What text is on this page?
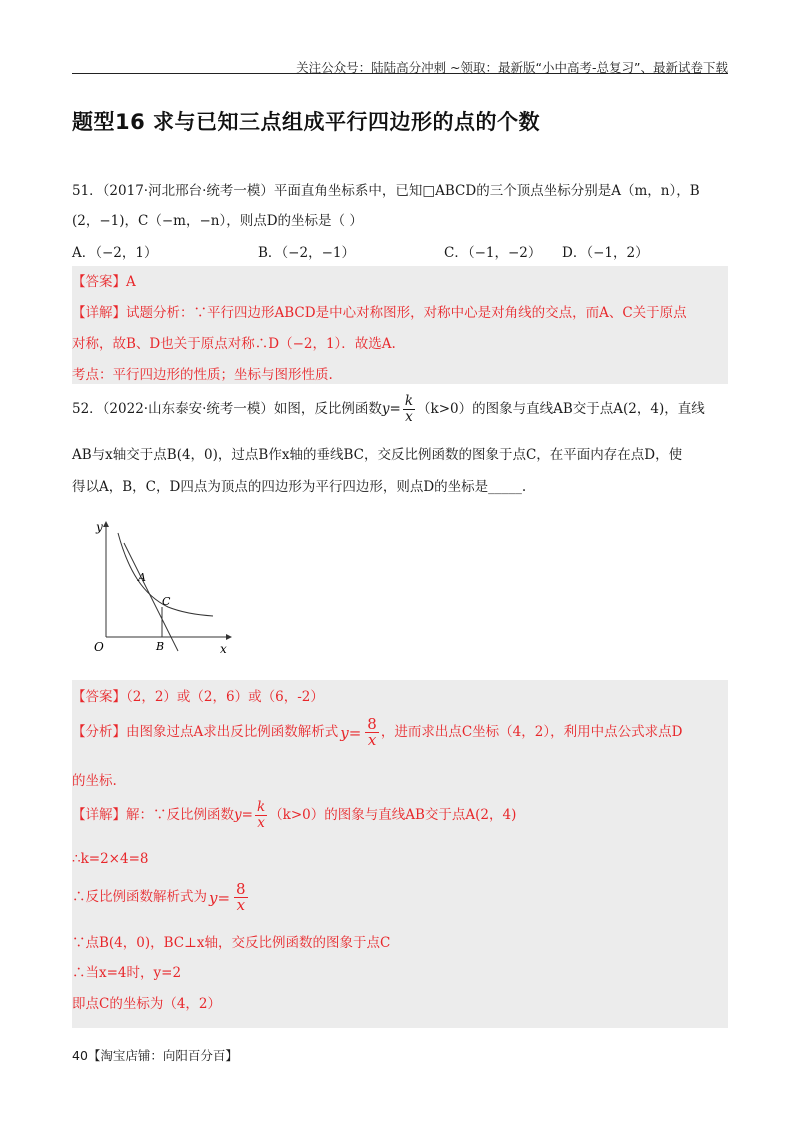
关注公众号：陆陆高分冲刺 ~领取：最新版“小中高考-总复习”、最新试卷下载
题型16 求与已知三点组成平行四边形的点的个数
51．（2017·河北邢台·统考一模）平面直角坐标系中，已知□ABCD的三个顶点坐标分别是A（m，n），B
(2，−1)，C（−m，−n），则点D的坐标是（ ）
A．（−2，1）	B．（−2，−1）	C．（−1，−2） D．（−1，2）
【答案】A
【详解】试题分析：∵平行四边形ABCD是中心对称图形，对称中心是对角线的交点，而A、C关于原点
对称，故B、D也关于原点对称∴D（−2，1）．故选A.
考点：平行四边形的性质；坐标与图形性质.
52．（2022·山东泰安·统考一模）如图，反比例函数$y= \frac{k}{x} (k>0)$的图象与直线AB交于点A(2，4)，直线
AB与x轴交于点B(4，0)，过点B作x轴的垂线BC，交反比例函数的图象于点C，在平面内存在点D，使
得以A，B，C，D四点为顶点的四边形为平行四边形，则点D的坐标是_____.
y
x
O
A
B
C
【答案】（2，2）或（2，6）或（6，-2）
【分析】由图象过点A求出反比例函数解析式 $y= \frac{8}{x}$ ，进而求出点C坐标（4，2），利用中点公式求点D
的坐标.
【详解】解：∵反比例函数$y= \frac{k}{x} (k>0)$的图象与直线AB交于点A(2，4)
∴k=2×4=8
∴反比例函数解析式为 $y= \frac{8}{x}$
∵点B(4，0)，BC⊥x轴，交反比例函数的图象于点C
∴当x=4时，y=2
即点C的坐标为（4，2）
40【淘宝店铺：向阳百分百】
